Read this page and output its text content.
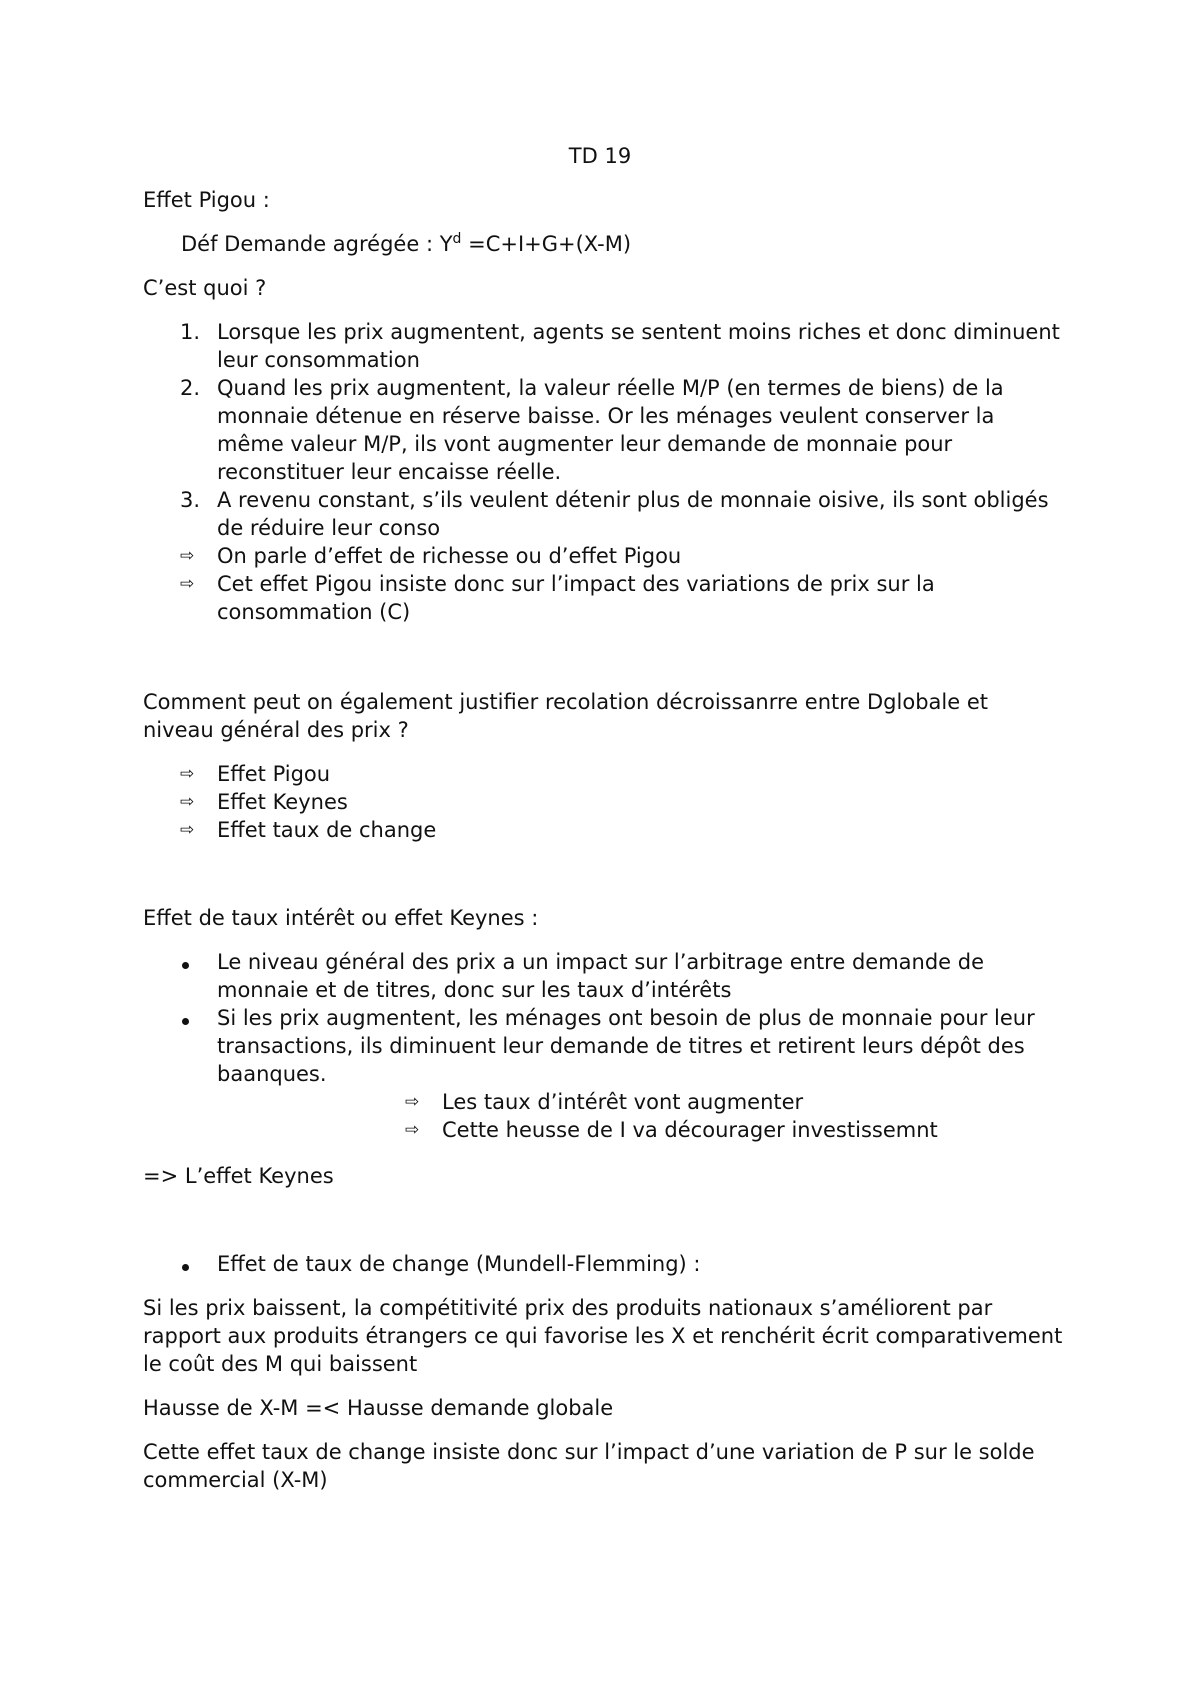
TD 19
Effet Pigou :
Déf Demande agrégée : $Y^d =C+I+G+(X-M)$
C’est quoi ?
1. Lorsque les prix augmentent, agents se sentent moins riches et donc diminuent leur consommation
2. Quand les prix augmentent, la valeur réelle M/P (en termes de biens) de la monnaie détenue en réserve baisse. Or les ménages veulent conserver la même valeur M/P, ils vont augmenter leur demande de monnaie pour reconstituer leur encaisse réelle.
3. A revenu constant, s’ils veulent détenir plus de monnaie oisive, ils sont obligés de réduire leur conso
⇨	On parle d’effet de richesse ou d’effet Pigou
⇨	Cet effet Pigou insiste donc sur l’impact des variations de prix sur la consommation (C)
Comment peut on également justifier recolation décroissanrre entre Dglobale et niveau général des prix ?
⇨	Effet Pigou
⇨	Effet Keynes
⇨	Effet taux de change
Effet de taux intérêt ou effet Keynes :
Le niveau général des prix a un impact sur l’arbitrage entre demande de monnaie et de titres, donc sur les taux d’intérêts
Si les prix augmentent, les ménages ont besoin de plus de monnaie pour leur transactions, ils diminuent leur demande de titres et retirent leurs dépôt des baanques.
⇨ Les taux d’intérêt vont augmenter
⇨ Cette heusse de I va décourager investissemnt
=> L’effet Keynes
Effet de taux de change (Mundell-Flemming) :
Si les prix baissent, la compétitivité prix des produits nationaux s’améliorent par rapport aux produits étrangers ce qui favorise les X et renchérit écrit comparativement le coût des M qui baissent
Hausse de X-M =< Hausse demande globale
Cette effet taux de change insiste donc sur l’impact d’une variation de P sur le solde commercial (X-M)
